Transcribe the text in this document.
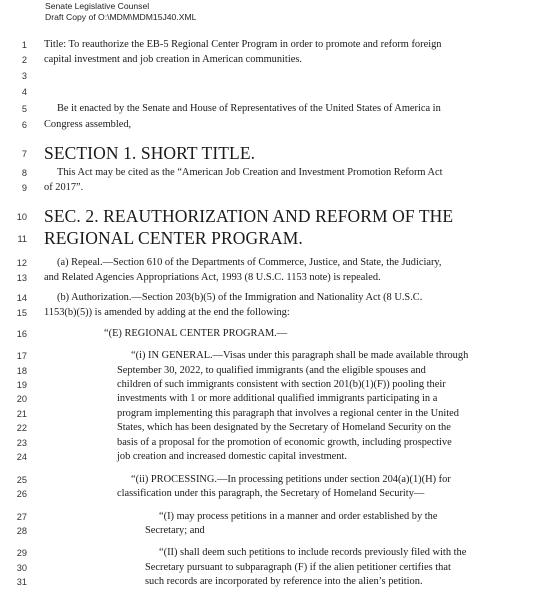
Senate Legislative Counsel
Draft Copy of O:\MDM\MDM15J40.XML
1
2
3
4
5
6
7
8
9
10
11
12
13
14
15
16
17
18
19
20
21
22
23
24
25
26
27
28
29
30
31
Title: To reauthorize the EB-5 Regional Center Program in order to promote and reform foreign
capital investment and job creation in American communities.
Be it enacted by the Senate and House of Representatives of the United States of America in
Congress assembled,
SECTION 1. SHORT TITLE.
This Act may be cited as the “American Job Creation and Investment Promotion Reform Act
of 2017”.
SEC. 2. REAUTHORIZATION AND REFORM OF THE
REGIONAL CENTER PROGRAM.
(a) Repeal.—Section 610 of the Departments of Commerce, Justice, and State, the Judiciary,
and Related Agencies Appropriations Act, 1993 (8 U.S.C. 1153 note) is repealed.
(b) Authorization.—Section 203(b)(5) of the Immigration and Nationality Act (8 U.S.C.
1153(b)(5)) is amended by adding at the end the following:
“(E) REGIONAL CENTER PROGRAM.—
“(i) IN GENERAL.—Visas under this paragraph shall be made available through
September 30, 2022, to qualified immigrants (and the eligible spouses and
children of such immigrants consistent with section 201(b)(1)(F)) pooling their
investments with 1 or more additional qualified immigrants participating in a
program implementing this paragraph that involves a regional center in the United
States, which has been designated by the Secretary of Homeland Security on the
basis of a proposal for the promotion of economic growth, including prospective
job creation and increased domestic capital investment.
“(ii) PROCESSING.—In processing petitions under section 204(a)(1)(H) for
classification under this paragraph, the Secretary of Homeland Security—
“(I) may process petitions in a manner and order established by the
Secretary; and
“(II) shall deem such petitions to include records previously filed with the
Secretary pursuant to subparagraph (F) if the alien petitioner certifies that
such records are incorporated by reference into the alien’s petition.
